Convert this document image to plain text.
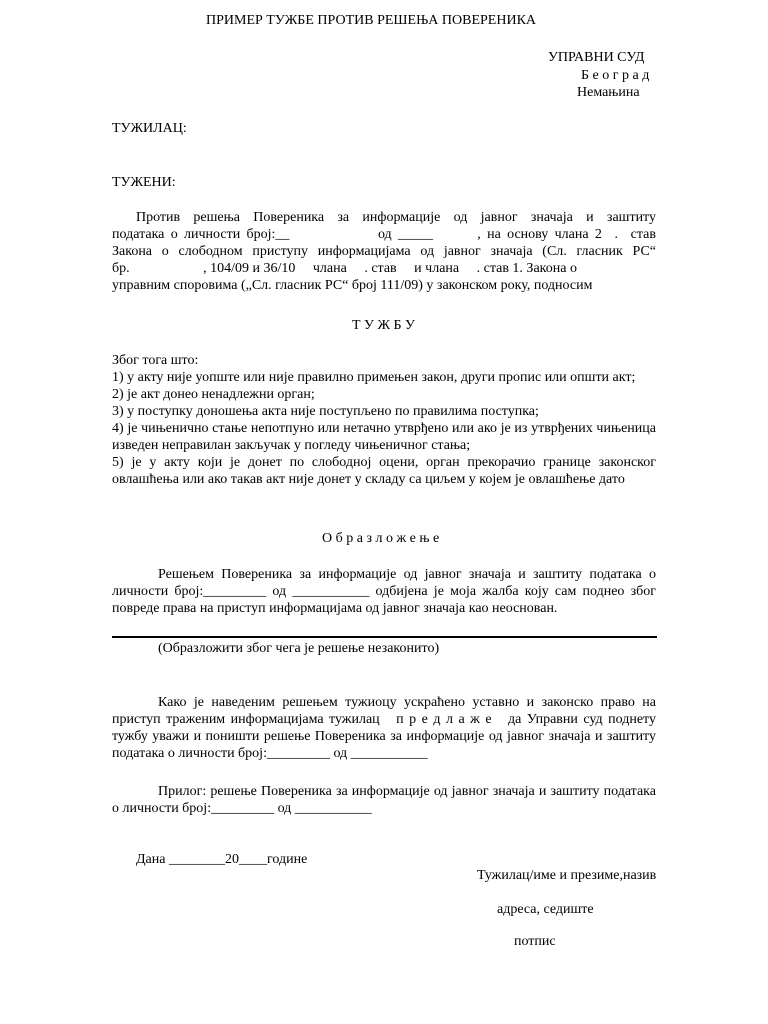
ПРИМЕР ТУЖБЕ ПРОТИВ РЕШЕЊА ПОВЕРЕНИКА
УПРАВНИ СУД
Б е о г р а д
Немањина
ТУЖИЛАЦ:
ТУЖЕНИ:

Против решења Повереника за информације од јавног значаја и заштиту

података о личности број:__              од _____       , на основу члана 2  .  став

Закона о слободном приступу информацијама од јавног значаја (Сл. гласник РС“

бр.                     , 104/09 и 36/10     члана     . став     и члана     . став 1. Закона о

управним споровима („Сл. гласник РС“ број 111/09) у законском року, подносим

Т У Ж Б У

Због тога што:

1) у акту није уопште или није правилно примењен закон, други пропис или општи акт;

2) је акт донео ненадлежни орган;

3) у поступку доношења акта није поступљено по правилима поступка;

4) је чињенично стање непотпуно или нетачно утврђено или ако је из утврђених чињеница изведен неправилан закључак у погледу чињеничног стања;

5) је у акту који је донет по слободној оцени, орган прекорачио границе законског овлашћења или ако такав акт није донет у складу са циљем у којем је овлашћење дато

О б р а з л о ж е њ е
Решењем Повереника за информације од јавног значаја и заштиту података о личности број:_________ од ___________ одбијена је моја жалба коју сам поднео због повреде права на приступ информацијама од јавног значаја као неоснован.
(Образложити због чега је решење незаконито)
Како је наведеним решењем тужиоцу ускраћено уставно и законско право на приступ траженим информацијама тужилац   п р е д л а ж е   да Управни суд поднету тужбу уважи и поништи решење Повереника за информације од јавног значаја и заштиту података о личности број:_________ од ___________
Прилог: решење Повереника за информације од јавног значаја и заштиту података о личности број:_________ од ___________
Дана ________20____године
Тужилац/име и презиме,назив
адреса, седиште
потпис
